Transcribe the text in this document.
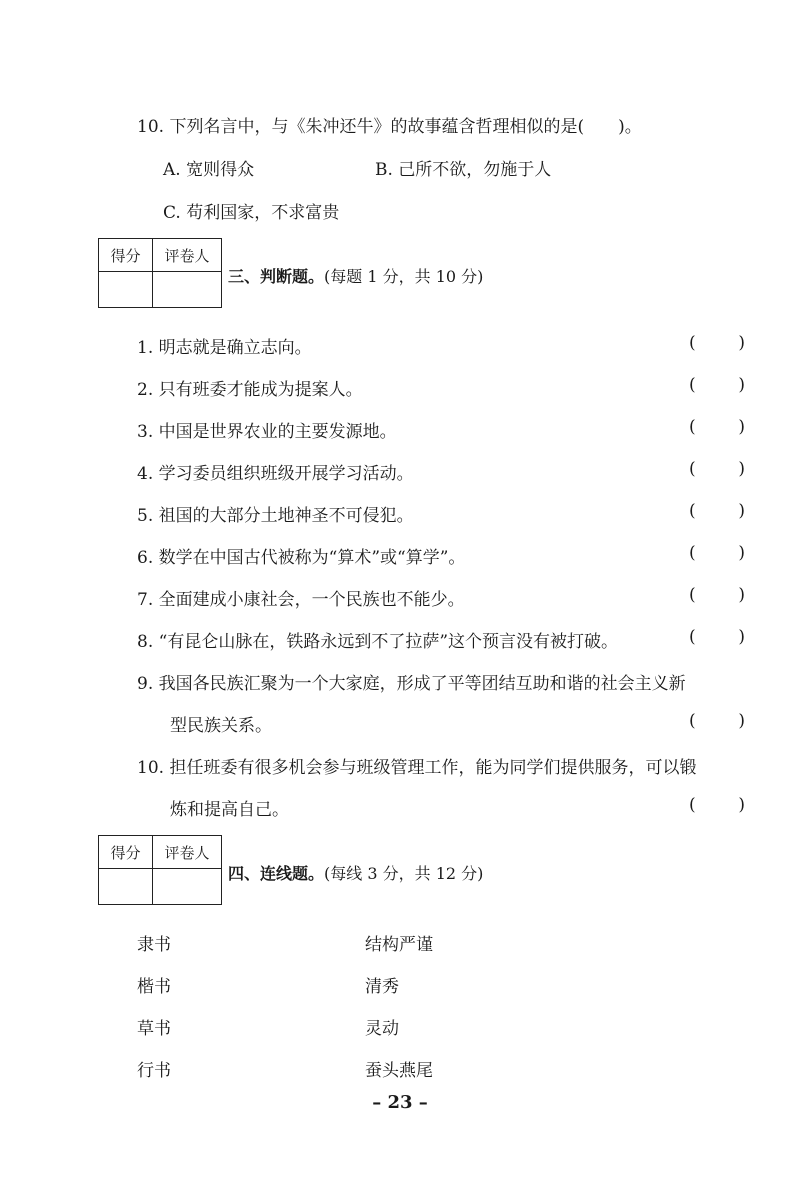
10. 下列名言中，与《朱冲还牛》的故事蕴含哲理相似的是(　　)。
A. 宽则得众	B. 己所不欲，勿施于人
C. 苟利国家，不求富贵
得分	评卷人
三、判断题。(每题 1 分，共 10 分)
1. 明志就是确立志向。	(	)
2. 只有班委才能成为提案人。	(	)
3. 中国是世界农业的主要发源地。	(	)
4. 学习委员组织班级开展学习活动。	(	)
5. 祖国的大部分土地神圣不可侵犯。	(	)
6. 数学在中国古代被称为“算术”或“算学”。	(	)
7. 全面建成小康社会，一个民族也不能少。	(	)
8. “有昆仑山脉在，铁路永远到不了拉萨”这个预言没有被打破。	(	)
9. 我国各民族汇聚为一个大家庭，形成了平等团结互助和谐的社会主义新
型民族关系。	(	)
10. 担任班委有很多机会参与班级管理工作，能为同学们提供服务，可以锻
炼和提高自己。	(	)
得分	评卷人
四、连线题。(每线 3 分，共 12 分)
隶书	结构严谨
楷书	清秀
草书	灵动
行书	蚕头燕尾
– 23 –
